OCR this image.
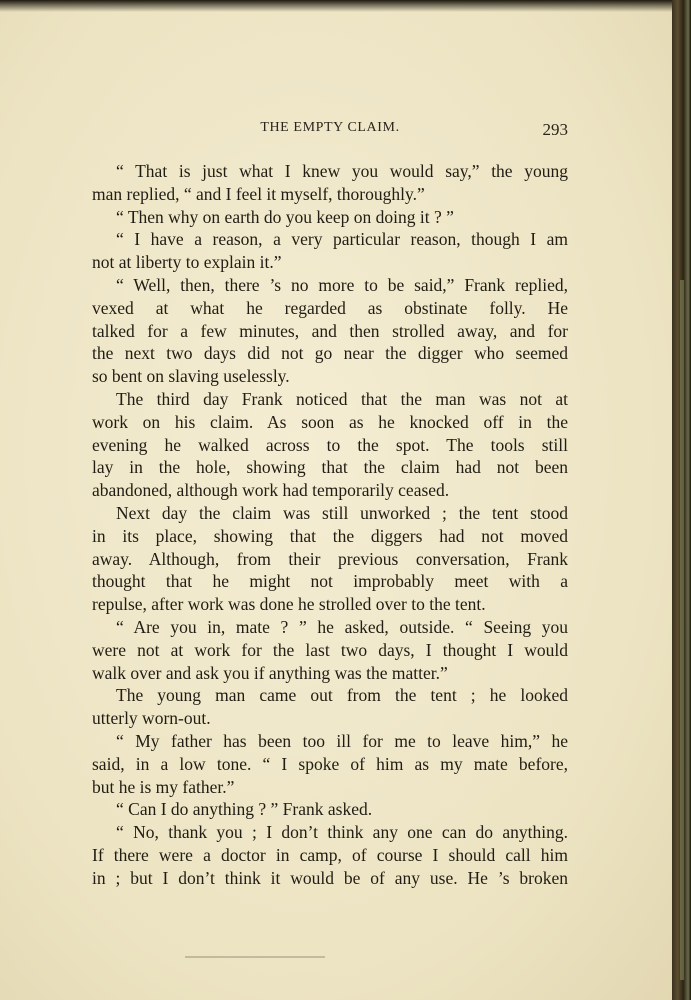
THE EMPTY CLAIM.	293
“ That is just what I knew you would say,” the young
man replied, “ and I feel it myself, thoroughly.”
“ Then why on earth do you keep on doing it ? ”
“ I have a reason, a very particular reason, though I am
not at liberty to explain it.”
“ Well, then, there ’s no more to be said,” Frank replied,
vexed at what he regarded as obstinate folly. He
talked for a few minutes, and then strolled away, and for
the next two days did not go near the digger who seemed
so bent on slaving uselessly.
The third day Frank noticed that the man was not at
work on his claim. As soon as he knocked off in the
evening he walked across to the spot. The tools still
lay in the hole, showing that the claim had not been
abandoned, although work had temporarily ceased.
Next day the claim was still unworked ; the tent stood
in its place, showing that the diggers had not moved
away. Although, from their previous conversation, Frank
thought that he might not improbably meet with a
repulse, after work was done he strolled over to the tent.
“ Are you in, mate ? ” he asked, outside. “ Seeing you
were not at work for the last two days, I thought I would
walk over and ask you if anything was the matter.”
The young man came out from the tent ; he looked
utterly worn-out.
“ My father has been too ill for me to leave him,” he
said, in a low tone. “ I spoke of him as my mate before,
but he is my father.”
“ Can I do anything ? ” Frank asked.
“ No, thank you ; I don’t think any one can do anything.
If there were a doctor in camp, of course I should call him
in ; but I don’t think it would be of any use. He ’s broken
